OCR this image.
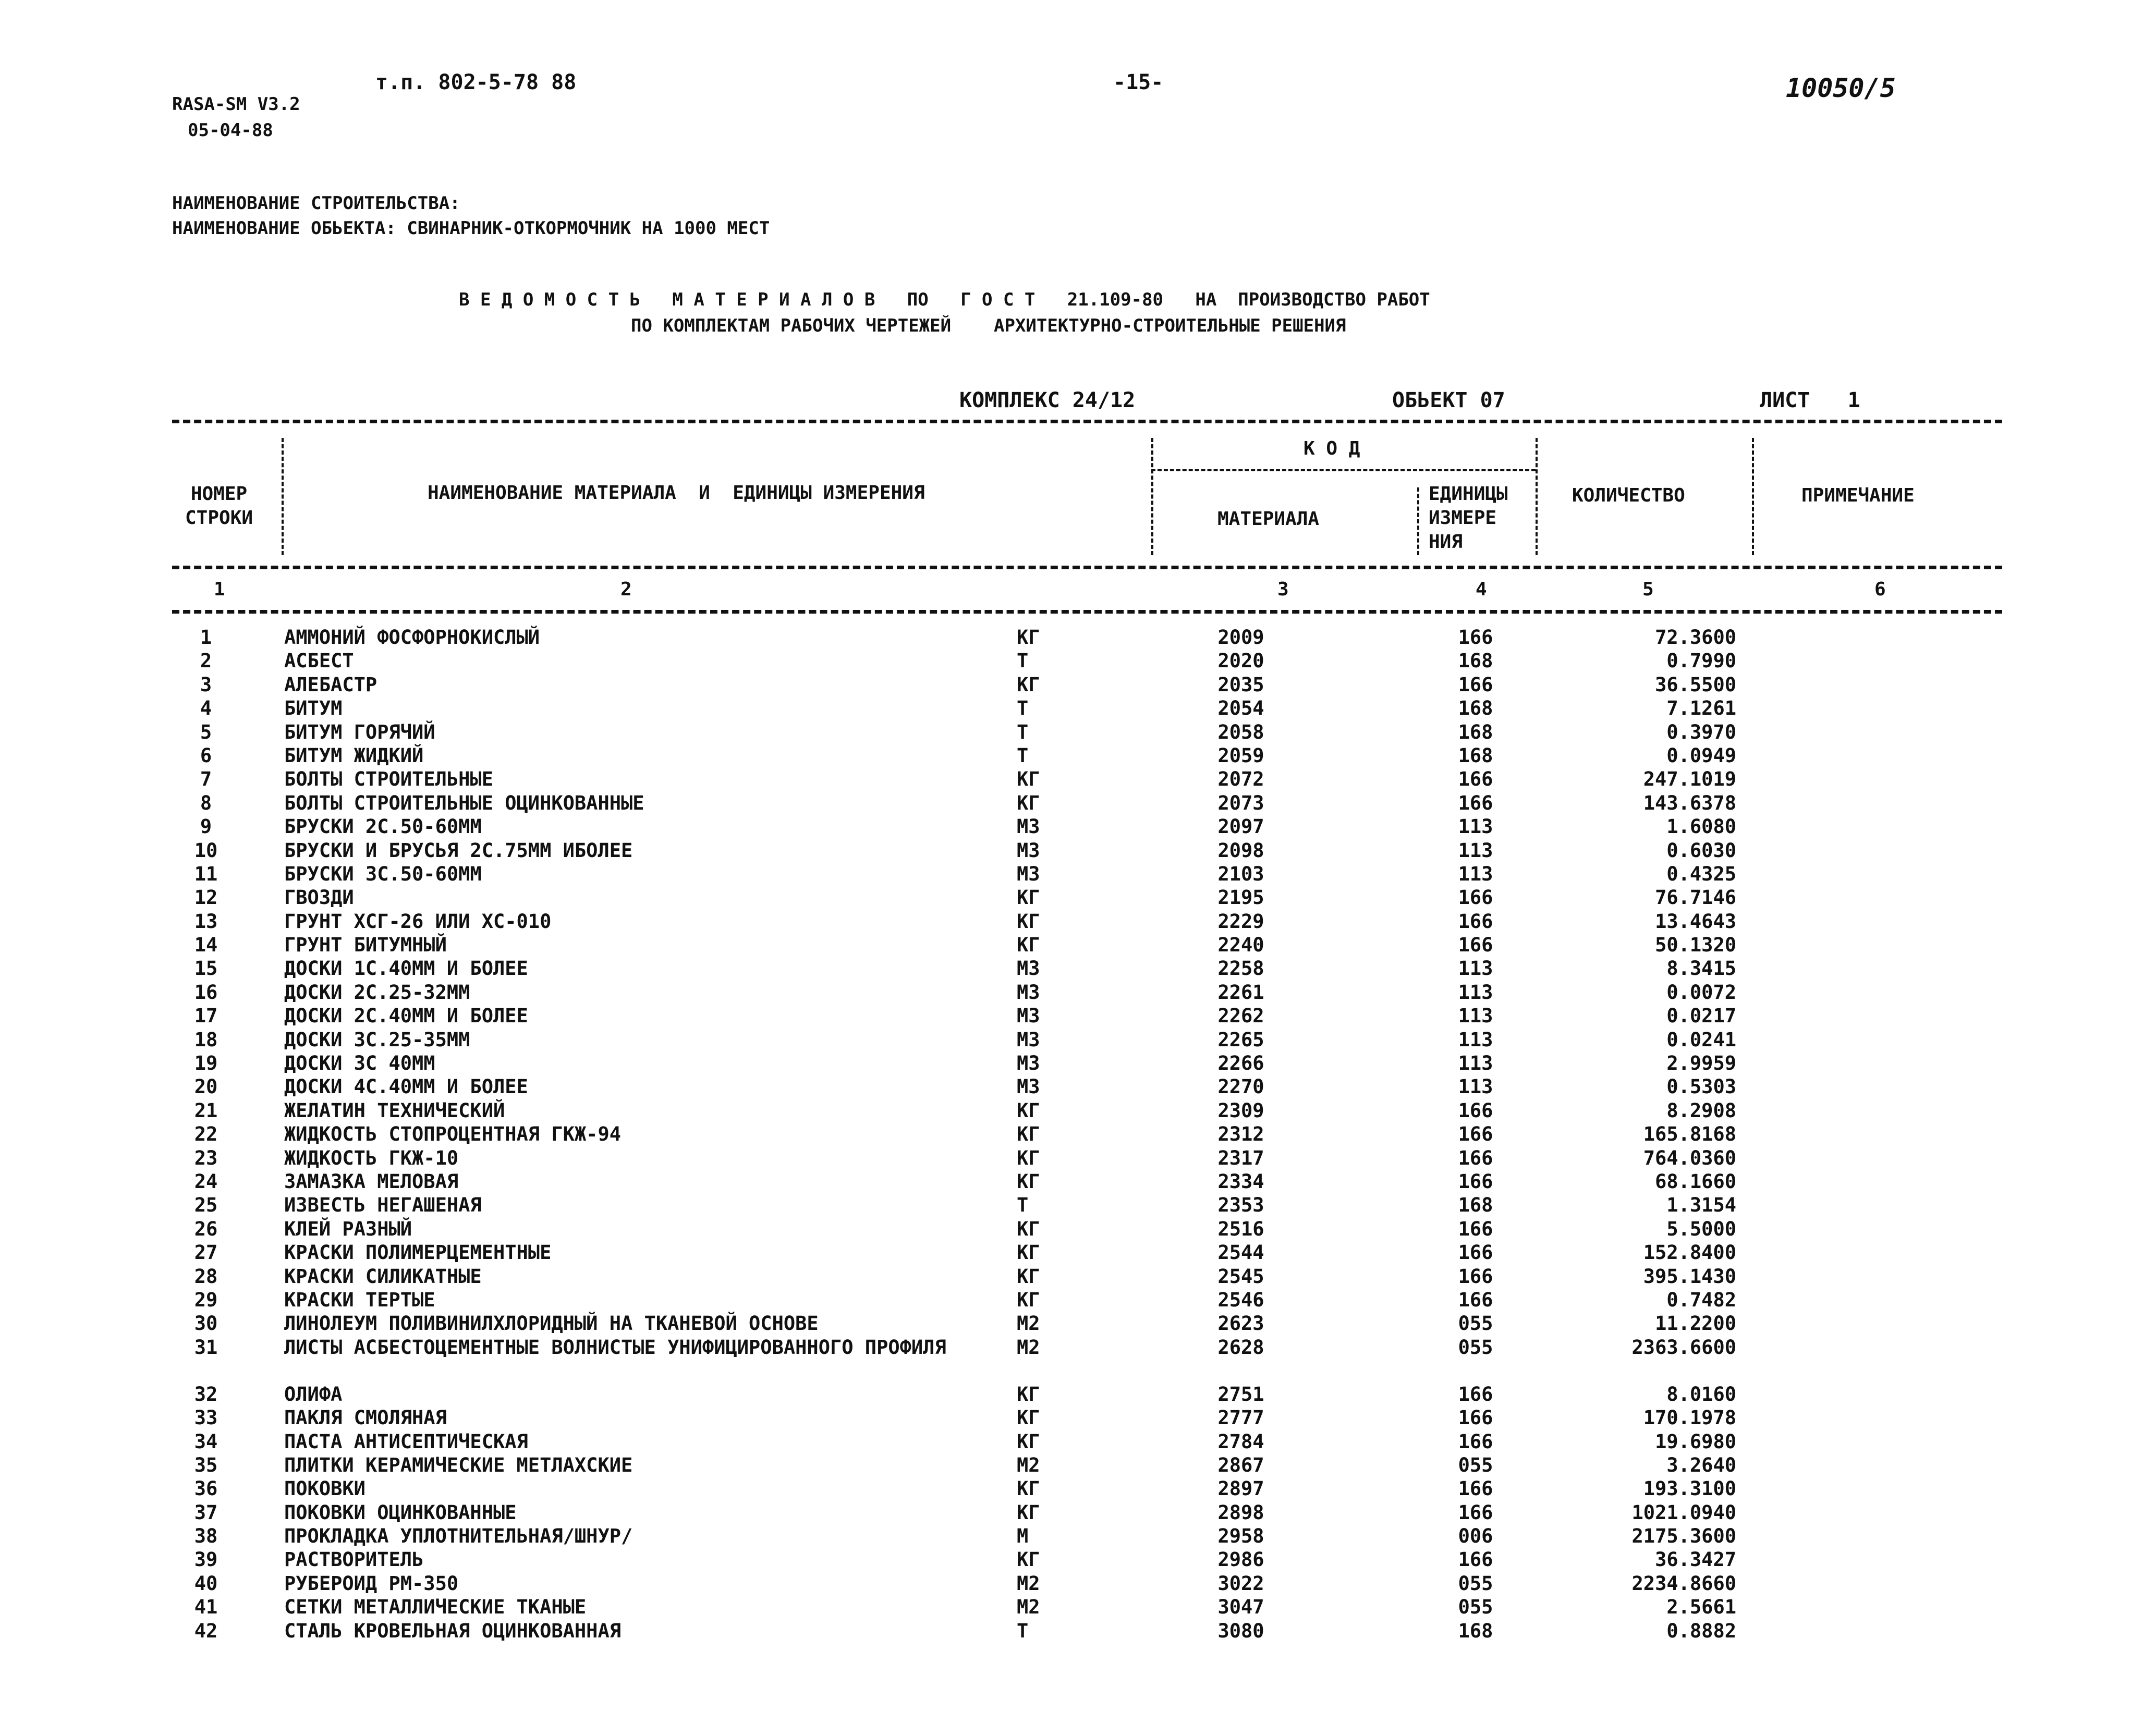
т.п. 802-5-78 88	-15-	10050/5
RASA-SM V3.2
05-04-88
НАИМЕНОВАНИЕ СТРОИТЕЛЬСТВА:
НАИМЕНОВАНИЕ ОБЬЕКТА: СВИНАРНИК-ОТКОРМОЧНИК НА 1000 МЕСТ
В Е Д О М О С Т Ь   М А Т Е Р И А Л О В   ПО   Г О С Т   21.109-80   НА  ПРОИЗВОДСТВО РАБОТ
ПО КОМПЛЕКТАМ РАБОЧИХ ЧЕРТЕЖЕЙ    АРХИТЕКТУРНО-СТРОИТЕЛЬНЫЕ РЕШЕНИЯ
КОМПЛЕКС 24/12	ОБЬЕКТ 07	ЛИСТ   1
НОМЕР
СТРОКИ
НАИМЕНОВАНИЕ МАТЕРИАЛА  И  ЕДИНИЦЫ ИЗМЕРЕНИЯ
К О Д
МАТЕРИАЛА
ЕДИНИЦЫ
ИЗМЕРЕ
НИЯ
КОЛИЧЕСТВО	ПРИМЕЧАНИЕ
1	2	3	4	5	6
1	АММОНИЙ ФОСФОРНОКИСЛЫЙ	КГ	2009	166	72.3600
2	АСБЕСТ	Т	2020	168	0.7990
3	АЛЕБАСТР	КГ	2035	166	36.5500
4	БИТУМ	Т	2054	168	7.1261
5	БИТУМ ГОРЯЧИЙ	Т	2058	168	0.3970
6	БИТУМ ЖИДКИЙ	Т	2059	168	0.0949
7	БОЛТЫ СТРОИТЕЛЬНЫЕ	КГ	2072	166	247.1019
8	БОЛТЫ СТРОИТЕЛЬНЫЕ ОЦИНКОВАННЫЕ	КГ	2073	166	143.6378
9	БРУСКИ 2С.50-60ММ	М3	2097	113	1.6080
10	БРУСКИ И БРУСЬЯ 2С.75ММ ИБОЛЕЕ	М3	2098	113	0.6030
11	БРУСКИ 3С.50-60ММ	М3	2103	113	0.4325
12	ГВОЗДИ	КГ	2195	166	76.7146
13	ГРУНТ ХСГ-26 ИЛИ ХС-010	КГ	2229	166	13.4643
14	ГРУНТ БИТУМНЫЙ	КГ	2240	166	50.1320
15	ДОСКИ 1С.40ММ И БОЛЕЕ	М3	2258	113	8.3415
16	ДОСКИ 2С.25-32ММ	М3	2261	113	0.0072
17	ДОСКИ 2С.40ММ И БОЛЕЕ	М3	2262	113	0.0217
18	ДОСКИ 3С.25-35ММ	М3	2265	113	0.0241
19	ДОСКИ 3С 40ММ	М3	2266	113	2.9959
20	ДОСКИ 4С.40ММ И БОЛЕЕ	М3	2270	113	0.5303
21	ЖЕЛАТИН ТЕХНИЧЕСКИЙ	КГ	2309	166	8.2908
22	ЖИДКОСТЬ СТОПРОЦЕНТНАЯ ГКЖ-94	КГ	2312	166	165.8168
23	ЖИДКОСТЬ ГКЖ-10	КГ	2317	166	764.0360
24	ЗАМАЗКА МЕЛОВАЯ	КГ	2334	166	68.1660
25	ИЗВЕСТЬ НЕГАШЕНАЯ	Т	2353	168	1.3154
26	КЛЕЙ РАЗНЫЙ	КГ	2516	166	5.5000
27	КРАСКИ ПОЛИМЕРЦЕМЕНТНЫЕ	КГ	2544	166	152.8400
28	КРАСКИ СИЛИКАТНЫЕ	КГ	2545	166	395.1430
29	КРАСКИ ТЕРТЫЕ	КГ	2546	166	0.7482
30	ЛИНОЛЕУМ ПОЛИВИНИЛХЛОРИДНЫЙ НА ТКАНЕВОЙ ОСНОВЕ	М2	2623	055	11.2200
31	ЛИСТЫ АСБЕСТОЦЕМЕНТНЫЕ ВОЛНИСТЫЕ УНИФИЦИРОВАННОГО ПРОФИЛЯ	М2	2628	055	2363.6600
32	ОЛИФА	КГ	2751	166	8.0160
33	ПАКЛЯ СМОЛЯНАЯ	КГ	2777	166	170.1978
34	ПАСТА АНТИСЕПТИЧЕСКАЯ	КГ	2784	166	19.6980
35	ПЛИТКИ КЕРАМИЧЕСКИЕ МЕТЛАХСКИЕ	М2	2867	055	3.2640
36	ПОКОВКИ	КГ	2897	166	193.3100
37	ПОКОВКИ ОЦИНКОВАННЫЕ	КГ	2898	166	1021.0940
38	ПРОКЛАДКА УПЛОТНИТЕЛЬНАЯ/ШНУР/	М	2958	006	2175.3600
39	РАСТВОРИТЕЛЬ	КГ	2986	166	36.3427
40	РУБЕРОИД РМ-350	М2	3022	055	2234.8660
41	СЕТКИ МЕТАЛЛИЧЕСКИЕ ТКАНЫЕ	М2	3047	055	2.5661
42	СТАЛЬ КРОВЕЛЬНАЯ ОЦИНКОВАННАЯ	Т	3080	168	0.8882
